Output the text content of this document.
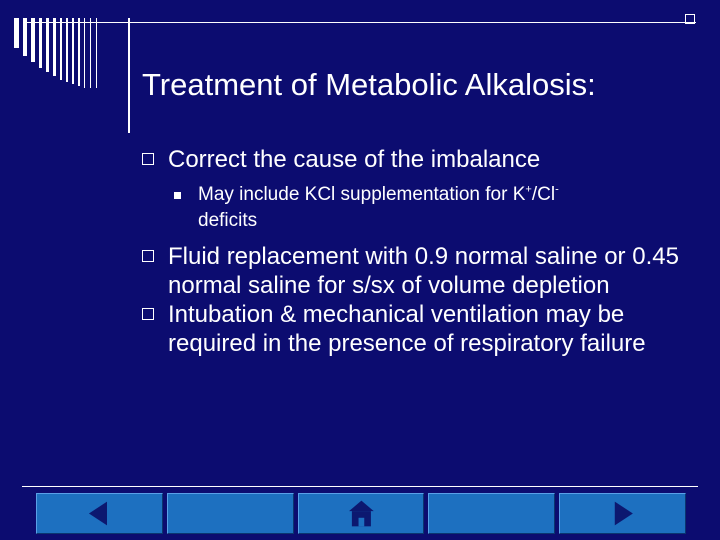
Treatment of Metabolic Alkalosis:
Correct the cause of the imbalance
May include KCl supplementation for K+/Cl-
deficits
Fluid replacement with 0.9 normal saline or 0.45 normal saline for s/sx of volume depletion
Intubation & mechanical ventilation may be required in the presence of respiratory failure
